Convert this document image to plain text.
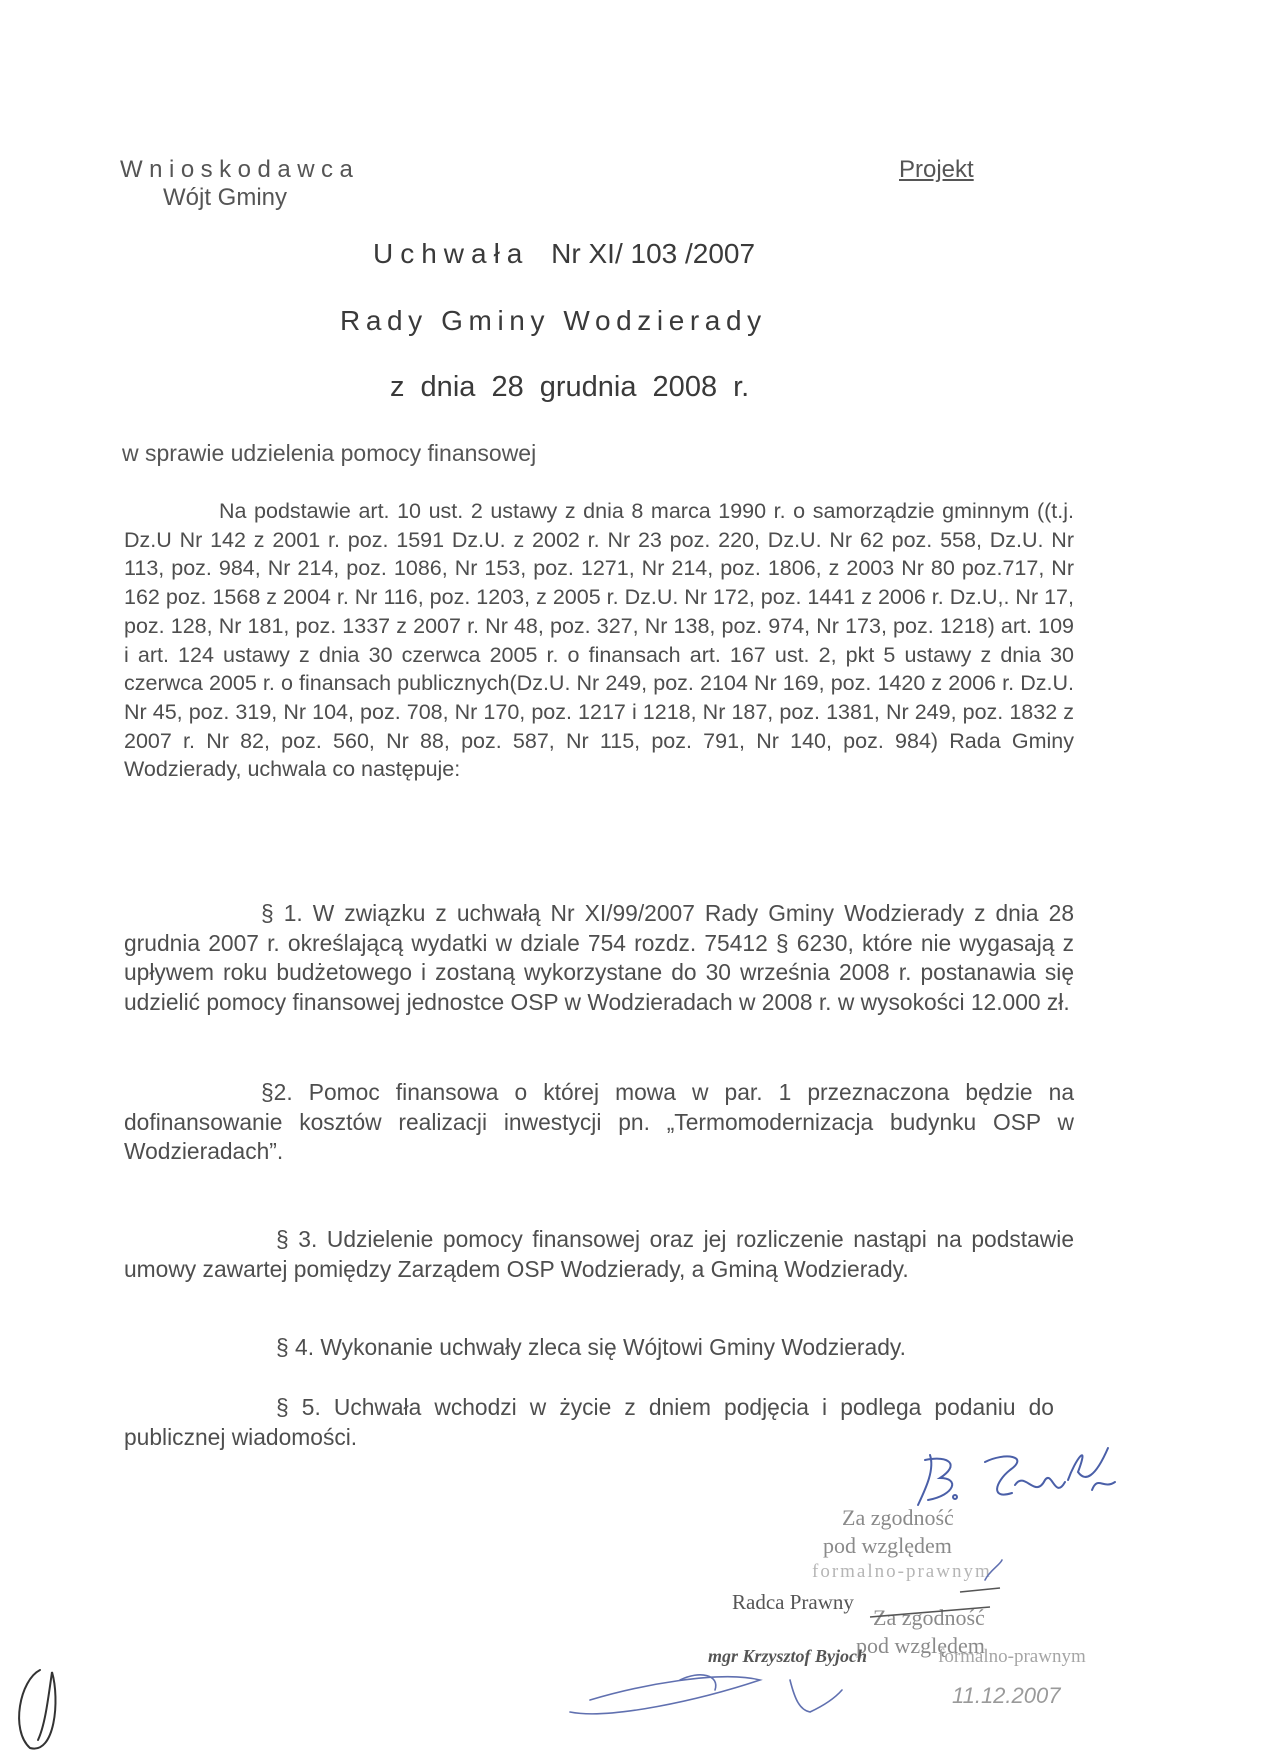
Wnioskodawca
Wójt Gminy
Projekt
Uchwała Nr XI/ 103 /2007
Rady Gminy Wodzierady
z dnia 28 grudnia 2008 r.
w sprawie udzielenia pomocy finansowej
Na podstawie art. 10 ust. 2 ustawy z dnia 8 marca 1990 r. o samorządzie gminnym ((t.j. Dz.U Nr 142 z 2001 r. poz. 1591 Dz.U. z 2002 r. Nr 23 poz. 220, Dz.U. Nr 62 poz. 558, Dz.U. Nr 113, poz. 984, Nr 214, poz. 1086, Nr 153, poz. 1271, Nr 214, poz. 1806, z 2003 Nr 80 poz.717, Nr 162 poz. 1568 z 2004 r. Nr 116, poz. 1203, z 2005 r. Dz.U. Nr 172, poz. 1441 z 2006 r. Dz.U,. Nr 17, poz. 128, Nr 181, poz. 1337 z 2007 r. Nr 48, poz. 327, Nr 138, poz. 974, Nr 173, poz. 1218) art. 109 i art. 124 ustawy z dnia 30 czerwca 2005 r. o finansach art. 167 ust. 2, pkt 5 ustawy z dnia 30 czerwca 2005 r. o finansach publicznych(Dz.U. Nr 249, poz. 2104 Nr 169, poz. 1420 z 2006 r. Dz.U. Nr 45, poz. 319, Nr 104, poz. 708, Nr 170, poz. 1217 i 1218, Nr 187, poz. 1381, Nr 249, poz. 1832 z 2007 r. Nr 82, poz. 560, Nr 88, poz. 587, Nr 115, poz. 791, Nr 140, poz. 984) Rada Gminy Wodzierady, uchwala co następuje:
§ 1. W związku z uchwałą Nr XI/99/2007 Rady Gminy Wodzierady z dnia 28 grudnia 2007 r. określającą wydatki w dziale 754 rozdz. 75412 § 6230, które nie wygasają z upływem roku budżetowego i zostaną wykorzystane do 30 września 2008 r. postanawia się udzielić pomocy finansowej jednostce OSP w Wodzieradach w 2008 r. w wysokości 12.000 zł.
§2. Pomoc finansowa o której mowa w par. 1 przeznaczona będzie na dofinansowanie kosztów realizacji inwestycji pn. „Termomodernizacja budynku OSP w Wodzieradach”.
§ 3. Udzielenie pomocy finansowej oraz jej rozliczenie nastąpi na podstawie umowy zawartej pomiędzy Zarządem OSP Wodzierady, a Gminą Wodzierady.
§ 4. Wykonanie uchwały zleca się Wójtowi Gminy Wodzierady.
§ 5. Uchwała wchodzi w życie z dniem podjęcia i podlega podaniu do publicznej wiadomości.
Za zgodność
pod względem
formalno-prawnym
Radca Prawny
Za zgodność
pod względem
mgr Krzysztof Byjoch	formalno-prawnym
11.12.2007
